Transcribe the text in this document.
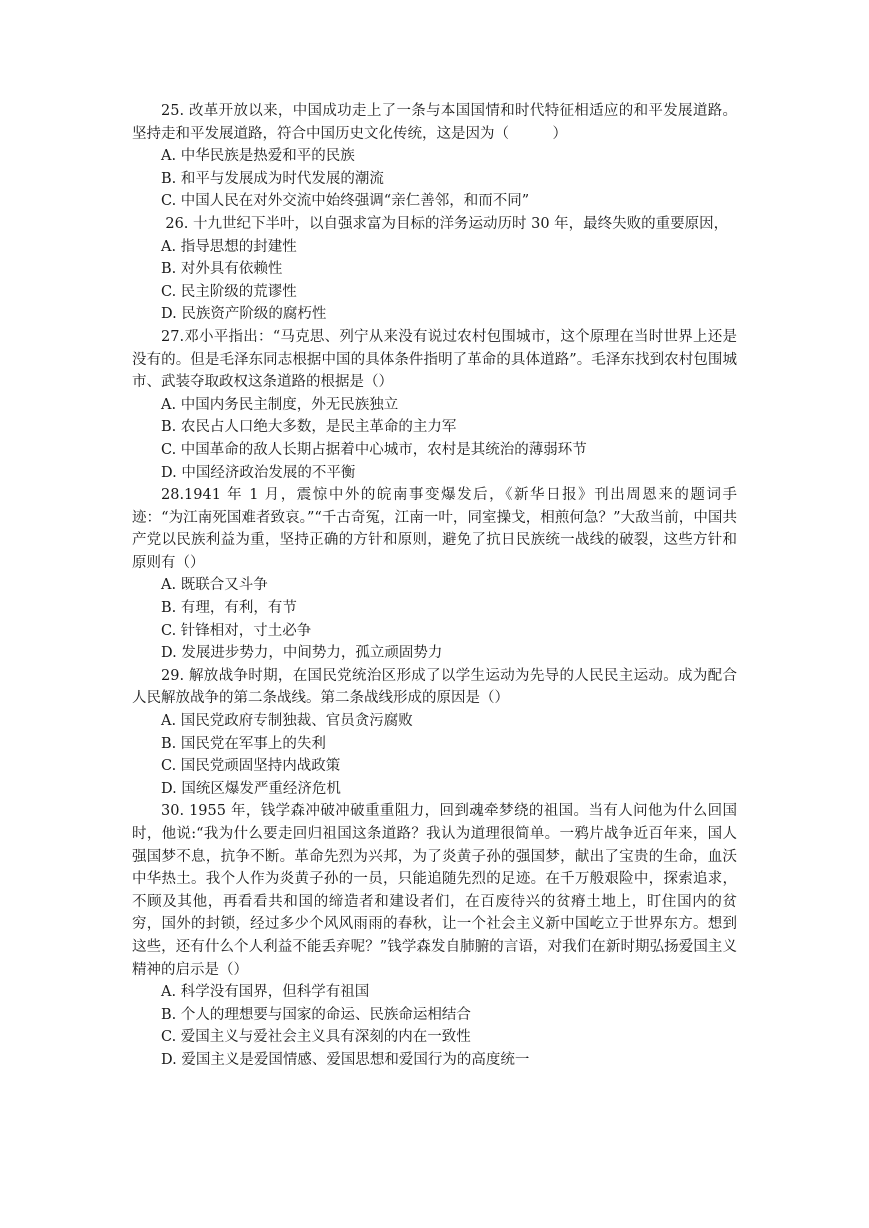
25. 改革开放以来，中国成功走上了一条与本国国情和时代特征相适应的和平发展道路。坚持走和平发展道路，符合中国历史文化传统，这是因为（　　　）

A. 中华民族是热爱和平的民族

B. 和平与发展成为时代发展的潮流

C. 中国人民在对外交流中始终强调“亲仁善邻，和而不同”

26. 十九世纪下半叶，以自强求富为目标的洋务运动历时 30 年，最终失败的重要原因，

A. 指导思想的封建性

B. 对外具有依赖性

C. 民主阶级的荒谬性

D. 民族资产阶级的腐朽性

27.邓小平指出：“马克思、列宁从来没有说过农村包围城市，这个原理在当时世界上还是没有的。但是毛泽东同志根据中国的具体条件指明了革命的具体道路”。毛泽东找到农村包围城市、武装夺取政权这条道路的根据是（）

A. 中国内务民主制度，外无民族独立

B. 农民占人口绝大多数，是民主革命的主力军

C. 中国革命的敌人长期占据着中心城市，农村是其统治的薄弱环节

D. 中国经济政治发展的不平衡

28.1941 年 1 月，震惊中外的皖南事变爆发后，《新华日报》刊出周恩来的题词手迹：“为江南死国难者致哀。”“千古奇冤，江南一叶，同室操戈，相煎何急？”大敌当前，中国共产党以民族利益为重，坚持正确的方针和原则，避免了抗日民族统一战线的破裂，这些方针和原则有（）

A. 既联合又斗争

B. 有理，有利，有节

C. 针锋相对，寸土必争

D. 发展进步势力，中间势力，孤立顽固势力

29. 解放战争时期，在国民党统治区形成了以学生运动为先导的人民民主运动。成为配合人民解放战争的第二条战线。第二条战线形成的原因是（）

A. 国民党政府专制独裁、官员贪污腐败

B. 国民党在军事上的失利

C. 国民党顽固坚持内战政策

D. 国统区爆发严重经济危机

30. 1955 年，钱学森冲破冲破重重阻力，回到魂牵梦绕的祖国。当有人问他为什么回国时，他说:“我为什么要走回归祖国这条道路？我认为道理很简单。一鸦片战争近百年来，国人强国梦不息，抗争不断。革命先烈为兴邦，为了炎黄子孙的强国梦，献出了宝贵的生命，血沃中华热土。我个人作为炎黄子孙的一员，只能追随先烈的足迹。在千万般艰险中，探索追求，不顾及其他，再看看共和国的缔造者和建设者们，在百废待兴的贫瘠土地上，盯住国内的贫穷，国外的封锁，经过多少个风风雨雨的春秋，让一个社会主义新中国屹立于世界东方。想到这些，还有什么个人利益不能丢弃呢？”钱学森发自肺腑的言语，对我们在新时期弘扬爱国主义精神的启示是（）

A. 科学没有国界，但科学有祖国

B. 个人的理想要与国家的命运、民族命运相结合

C. 爱国主义与爱社会主义具有深刻的内在一致性

D. 爱国主义是爱国情感、爱国思想和爱国行为的高度统一
